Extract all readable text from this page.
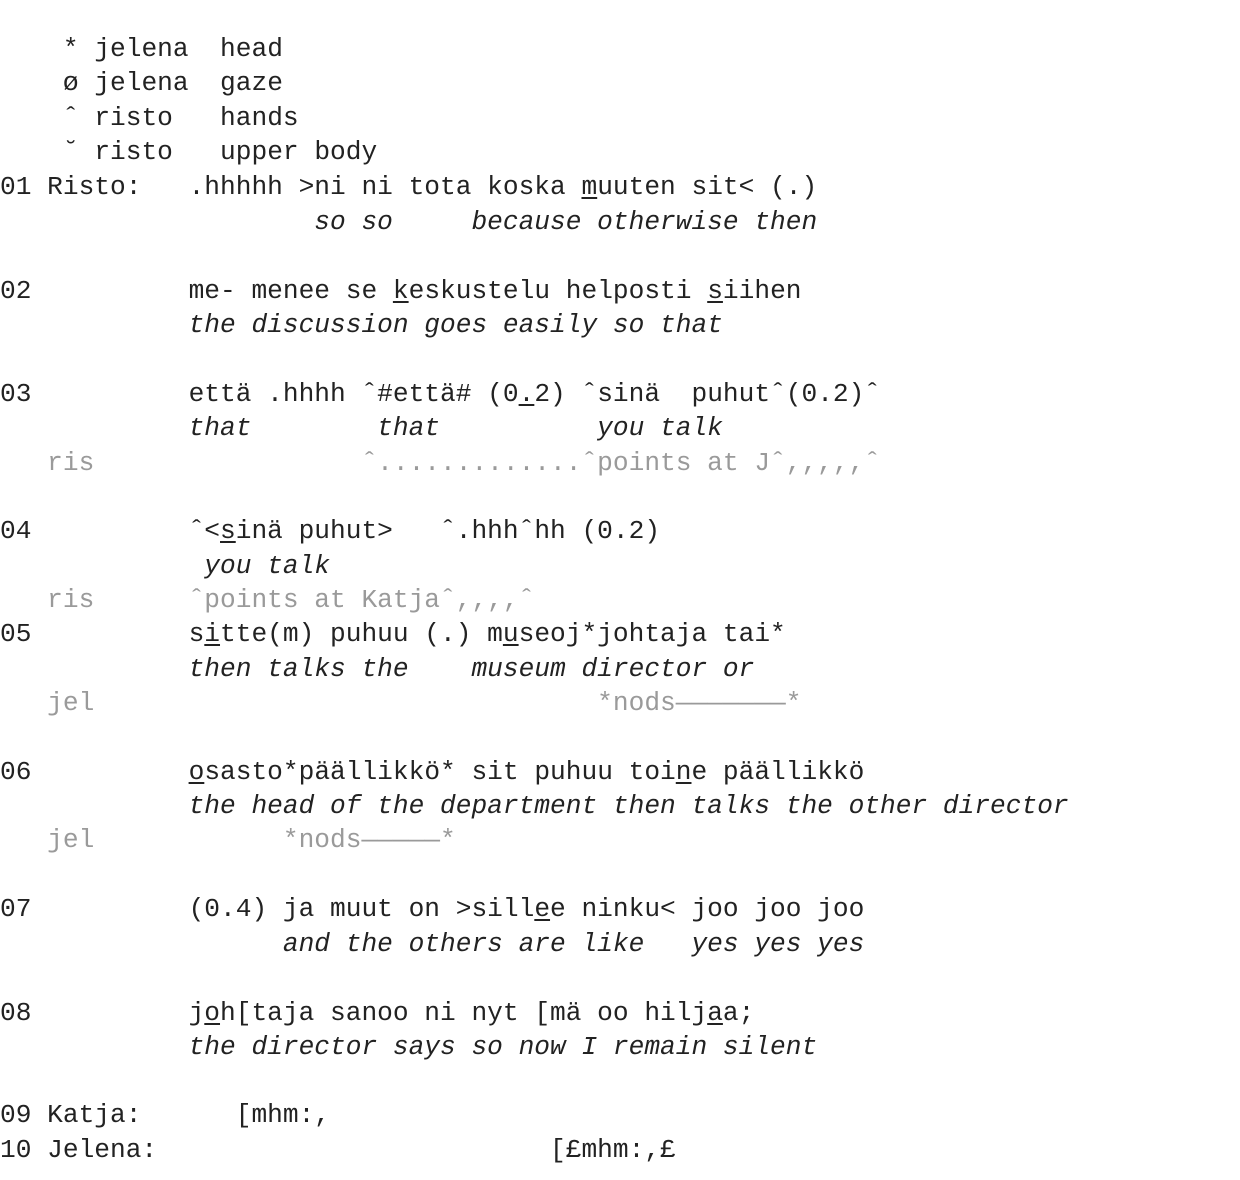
* jelena head

ø jelena gaze

ˆ risto hands

˘ risto upper body

01 Risto:   .hhhhh >ni ni tota koska muuten sit< (.)
so so     because otherwise then
02          me- menee se keskustelu helposti siihen
the discussion goes easily so that
03          että .hhhh ˆ#että# (0.2) ˆsinä  puhutˆ(0.2)ˆ
that        that          you talk
ris                 ˆ.............ˆpoints at Jˆ,,,,,ˆ
04          ˆ<sinä puhut>   ˆ.hhhˆhh (0.2)
you talk
ris      ˆpoints at Katjaˆ,,,,ˆ
05          sitte(m) puhuu (.) museoj*johtaja tai*
then talks the    museum director or
jel                                *nods———————*
06          osasto*päällikkö* sit puhuu toine päällikkö
the head of the department then talks the other director
jel            *nods—————*
07          (0.4) ja muut on >sillee ninku< joo joo joo
and the others are like   yes yes yes
08          joh[taja sanoo ni nyt [mä oo hiljaa;
the director says so now I remain silent
09 Katja:      [mhm:,
10 Jelena:                         [£mhm:,£
